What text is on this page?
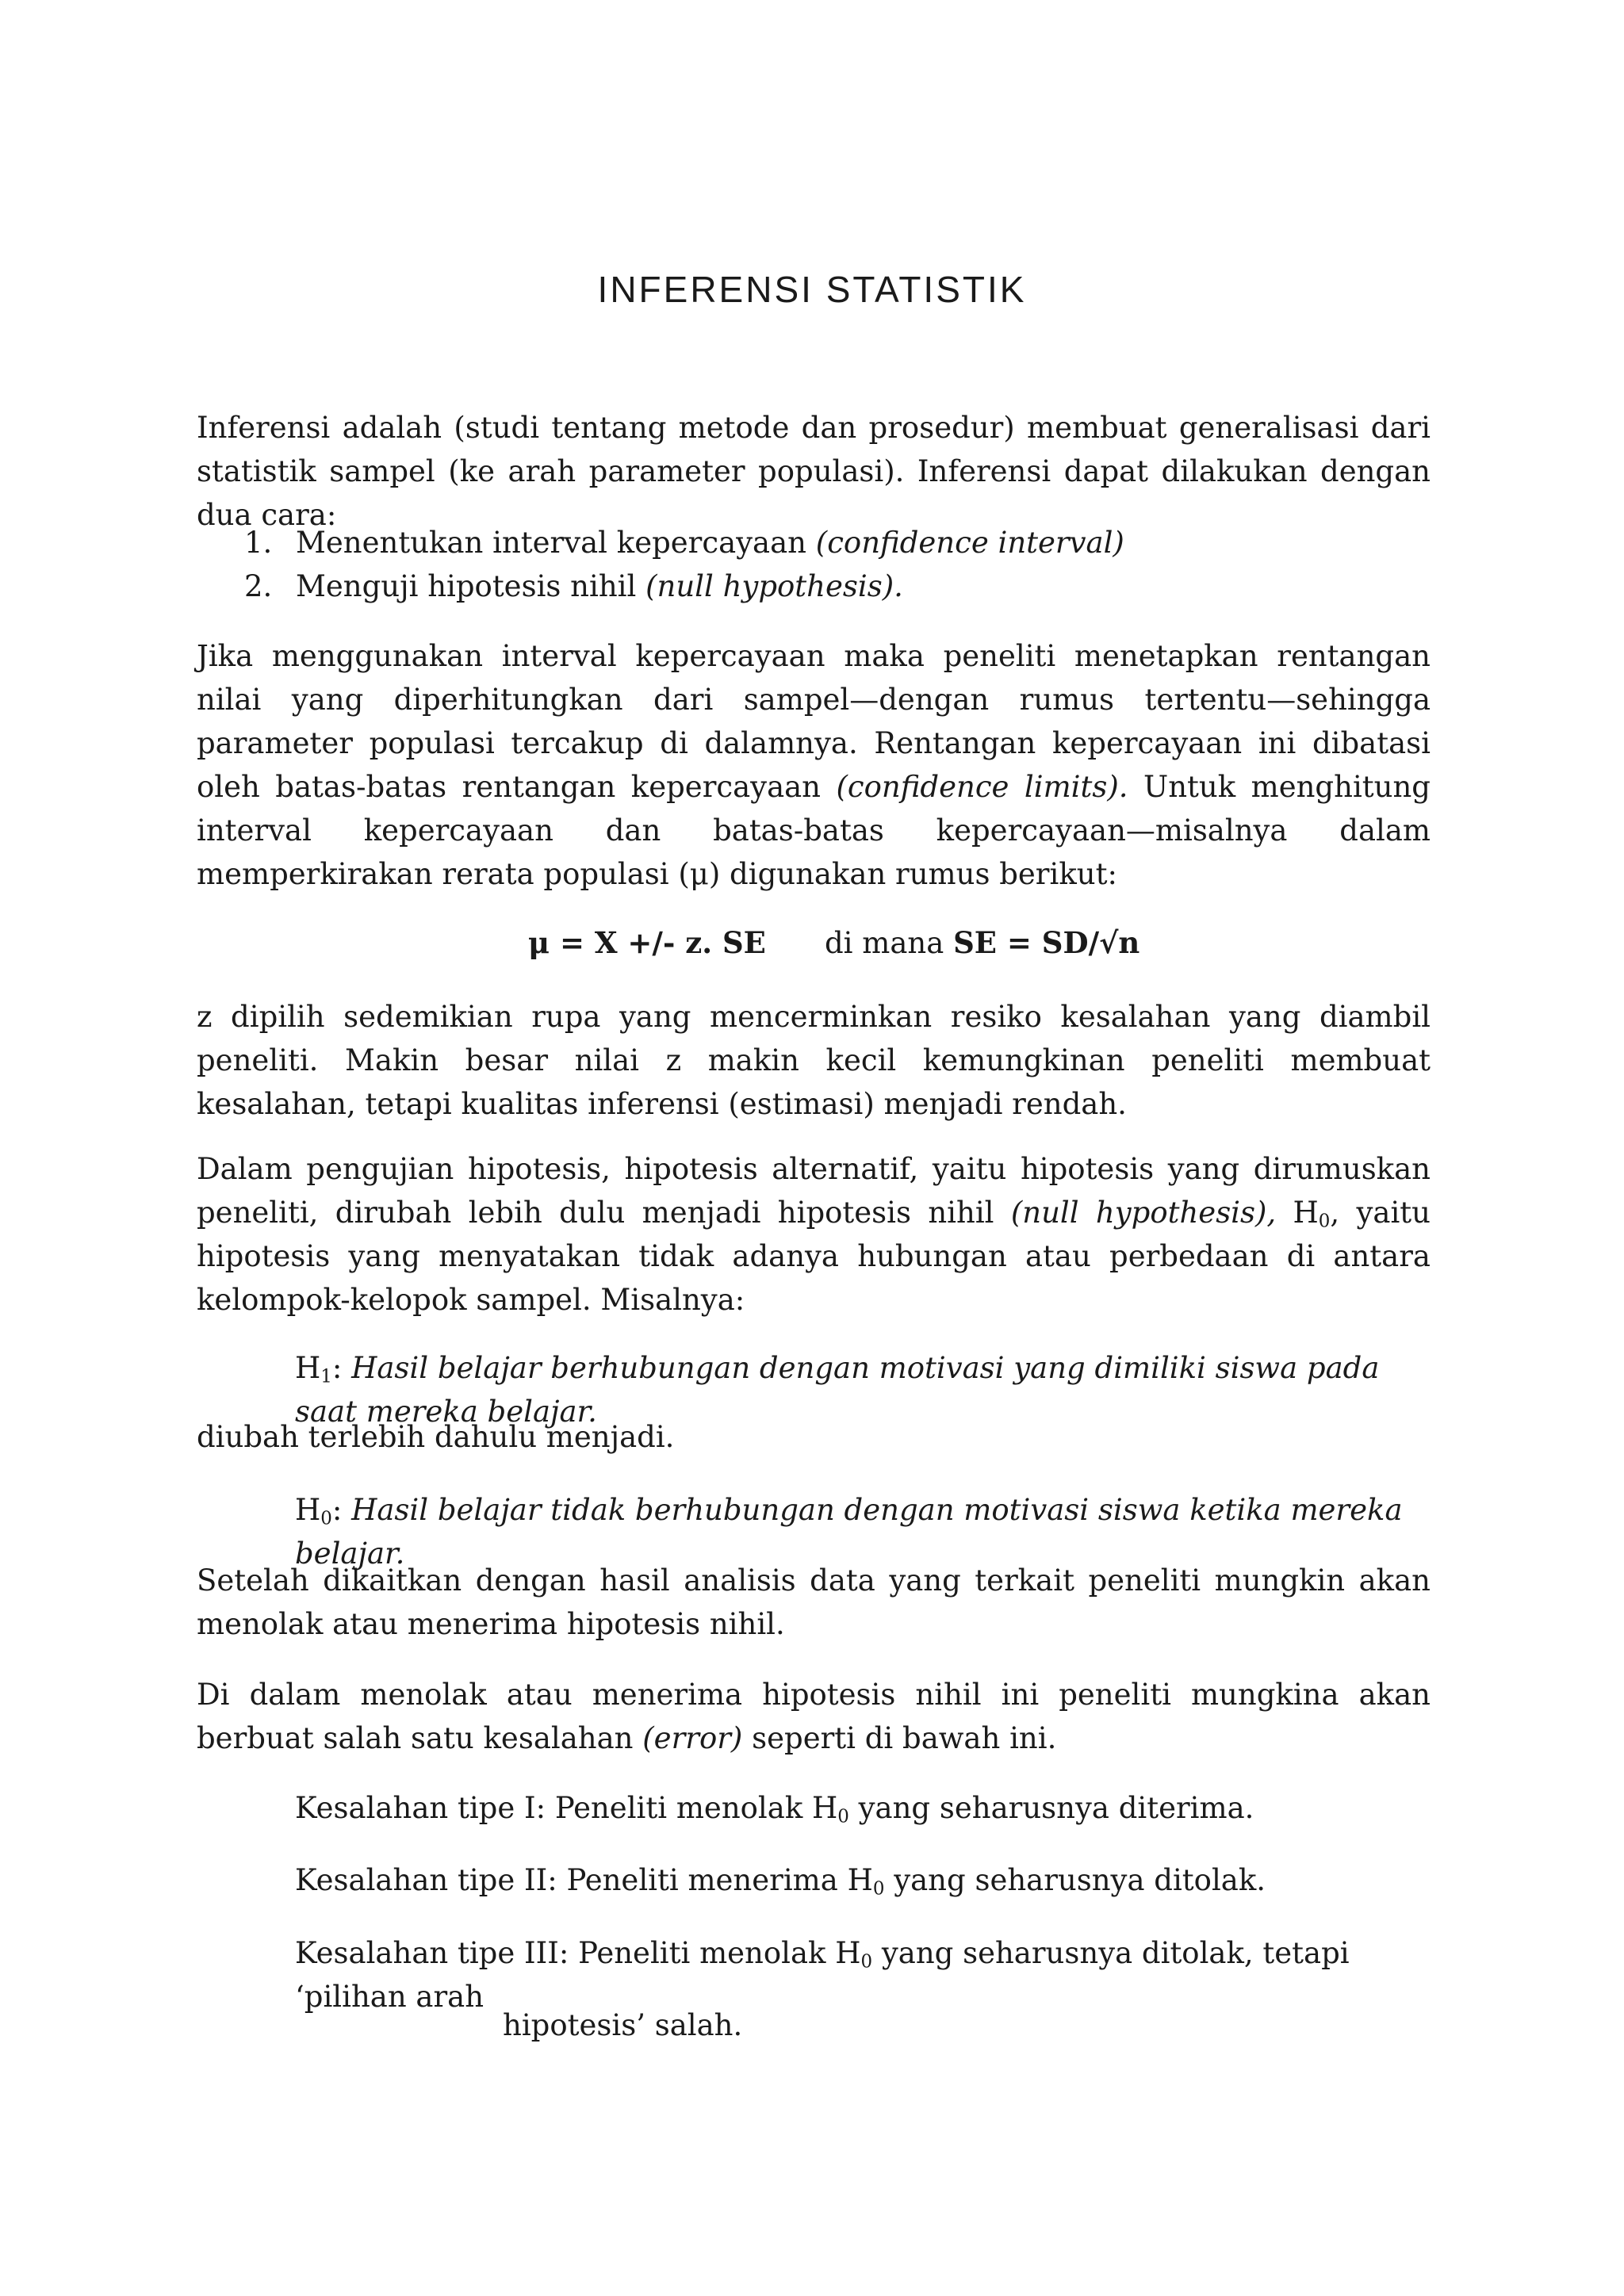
INFERENSI STATISTIK

Inferensi adalah (studi tentang metode dan prosedur) membuat generalisasi dari statistik sampel (ke arah parameter populasi). Inferensi dapat dilakukan dengan dua cara:

1. Menentukan interval kepercayaan (confidence interval)
2. Menguji hipotesis nihil (null hypothesis).

Jika menggunakan interval kepercayaan maka peneliti menetapkan rentangan nilai yang diperhitungkan dari sampel—dengan rumus tertentu—sehingga parameter populasi tercakup di dalamnya. Rentangan kepercayaan ini dibatasi oleh batas-batas rentangan kepercayaan (confidence limits). Untuk menghitung interval kepercayaan dan batas-batas kepercayaan—misalnya dalam memperkirakan rerata populasi (μ) digunakan rumus berikut:

μ = X +/- z. SE di mana SE = SD/√n

z dipilih sedemikian rupa yang mencerminkan resiko kesalahan yang diambil peneliti. Makin besar nilai z makin kecil kemungkinan peneliti membuat kesalahan, tetapi kualitas inferensi (estimasi) menjadi rendah.

Dalam pengujian hipotesis, hipotesis alternatif, yaitu hipotesis yang dirumuskan peneliti, dirubah lebih dulu menjadi hipotesis nihil (null hypothesis), $H_0$, yaitu hipotesis yang menyatakan tidak adanya hubungan atau perbedaan di antara kelompok-kelopok sampel. Misalnya:

$H_1$: Hasil belajar berhubungan dengan motivasi yang dimiliki siswa pada saat mereka belajar.

diubah terlebih dahulu menjadi.

$H_0$: Hasil belajar tidak berhubungan dengan motivasi siswa ketika mereka belajar.

Setelah dikaitkan dengan hasil analisis data yang terkait peneliti mungkin akan menolak atau menerima hipotesis nihil.

Di dalam menolak atau menerima hipotesis nihil ini peneliti mungkina akan berbuat salah satu kesalahan (error) seperti di bawah ini.

Kesalahan tipe I: Peneliti menolak $H_0$ yang seharusnya diterima.

Kesalahan tipe II: Peneliti menerima $H_0$ yang seharusnya ditolak.

Kesalahan tipe III: Peneliti menolak $H_0$ yang seharusnya ditolak, tetapi ‘pilihan arah

hipotesis’ salah.
